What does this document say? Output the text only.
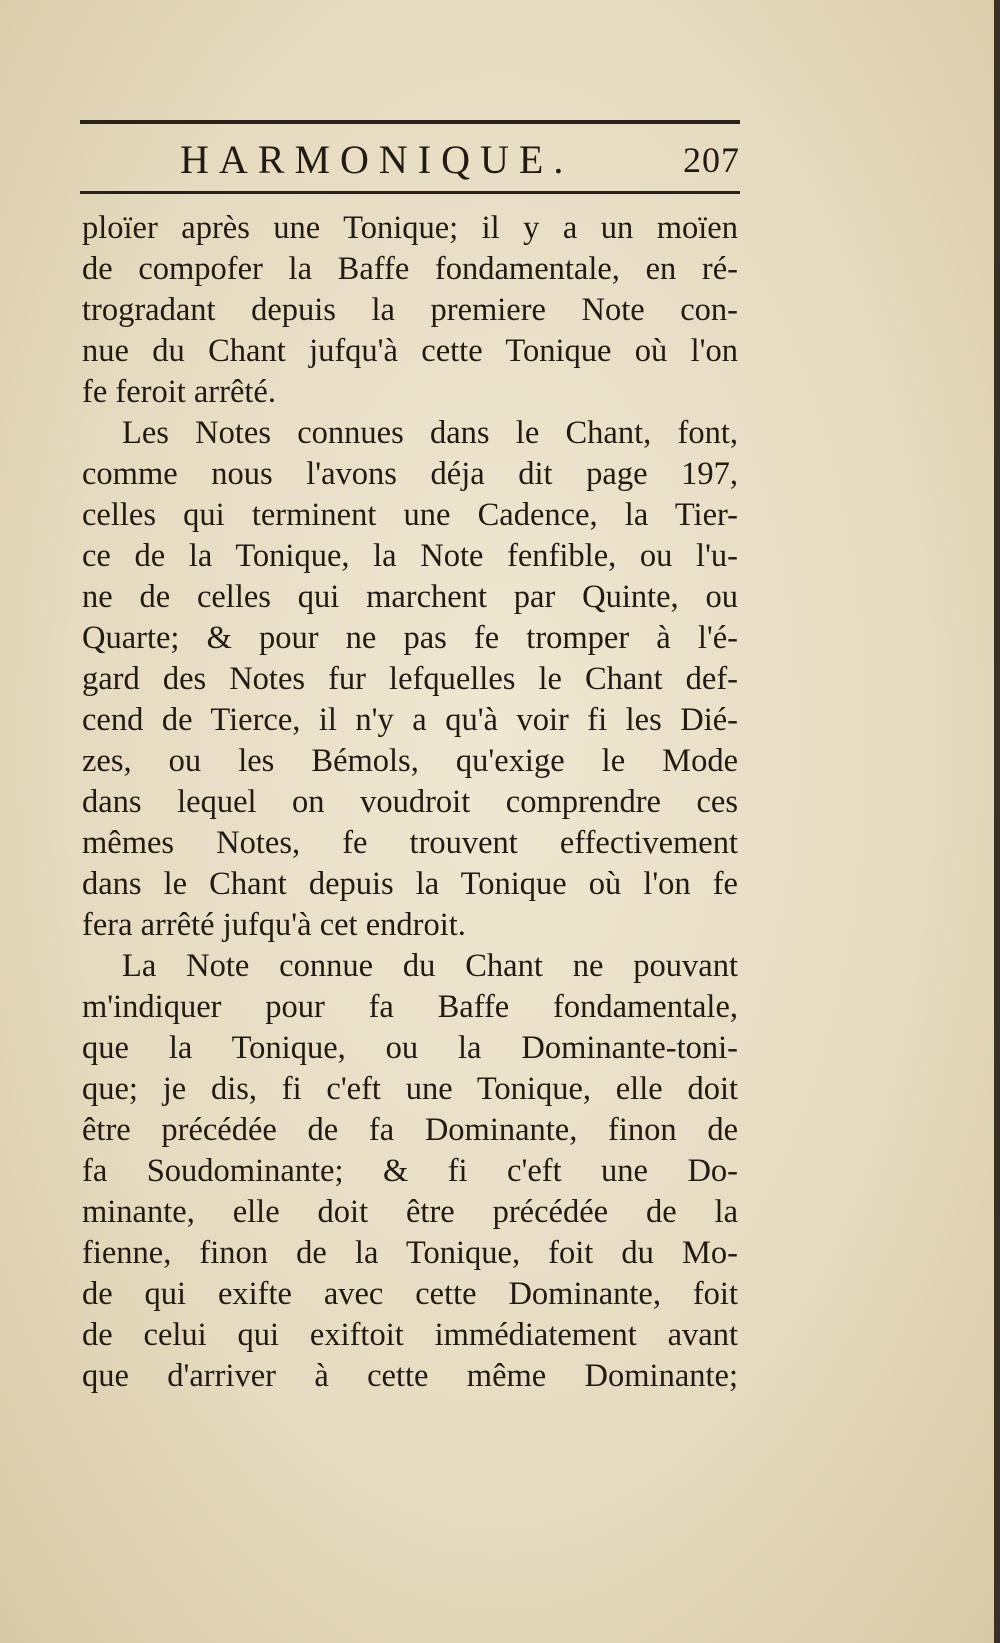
HARMONIQUE.	207
ploïer après une Tonique; il y a un moïen
de compofer la Baffe fondamentale, en ré-
trogradant depuis la premiere Note con-
nue du Chant jufqu'à cette Tonique où l'on
fe feroit arrêté.
Les Notes connues dans le Chant, font,
comme nous l'avons déja dit page 197,
celles qui terminent une Cadence, la Tier-
ce de la Tonique, la Note fenfible, ou l'u-
ne de celles qui marchent par Quinte, ou
Quarte; & pour ne pas fe tromper à l'é-
gard des Notes fur lefquelles le Chant def-
cend de Tierce, il n'y a qu'à voir fi les Dié-
zes, ou les Bémols, qu'exige le Mode
dans lequel on voudroit comprendre ces
mêmes Notes, fe trouvent effectivement
dans le Chant depuis la Tonique où l'on fe
fera arrêté jufqu'à cet endroit.
La Note connue du Chant ne pouvant
m'indiquer pour fa Baffe fondamentale,
que la Tonique, ou la Dominante-toni-
que; je dis, fi c'eft une Tonique, elle doit
être précédée de fa Dominante, finon de
fa Soudominante; & fi c'eft une Do-
minante, elle doit être précédée de la
fienne, finon de la Tonique, foit du Mo-
de qui exifte avec cette Dominante, foit
de celui qui exiftoit immédiatement avant
que d'arriver à cette même Dominante;
